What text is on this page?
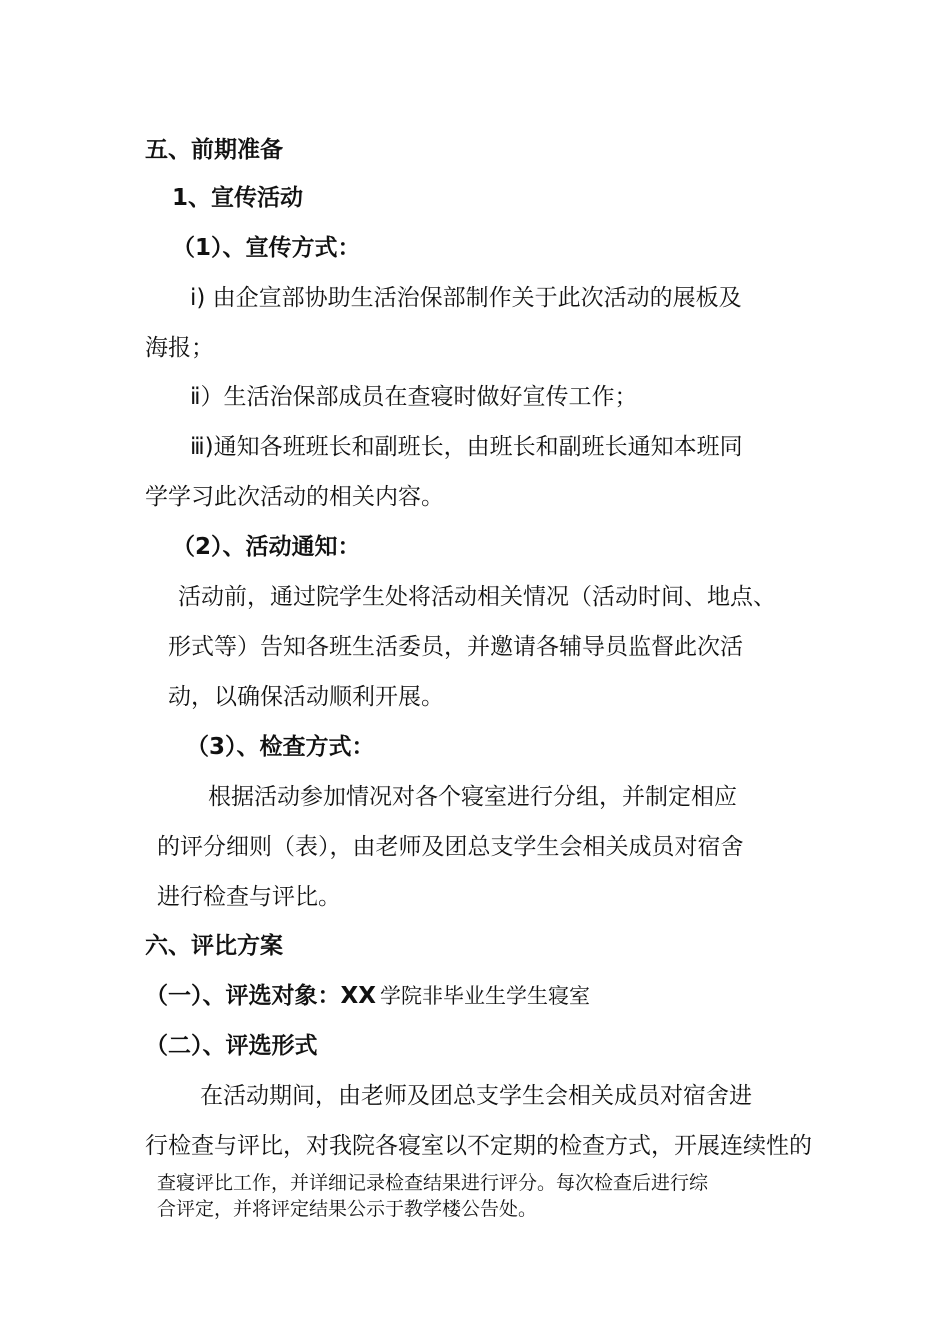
五、前期准备

1、宣传活动

（1）、宣传方式：

ⅰ) 由企宣部协助生活治保部制作关于此次活动的展板及

海报；

ⅱ）生活治保部成员在查寝时做好宣传工作；

ⅲ)通知各班班长和副班长，由班长和副班长通知本班同

学学习此次活动的相关内容。

（2）、活动通知：

活动前，通过院学生处将活动相关情况（活动时间、地点、

形式等）告知各班生活委员，并邀请各辅导员监督此次活

动，以确保活动顺利开展。

（3）、检查方式：

根据活动参加情况对各个寝室进行分组，并制定相应

的评分细则（表），由老师及团总支学生会相关成员对宿舍

进行检查与评比。

六、评比方案

（一）、评选对象：XX 学院非毕业生学生寝室

（二）、评选形式

在活动期间，由老师及团总支学生会相关成员对宿舍进

行检查与评比，对我院各寝室以不定期的检查方式，开展连续性的

查寝评比工作，并详细记录检查结果进行评分。每次检查后进行综

合评定，并将评定结果公示于教学楼公告处。
